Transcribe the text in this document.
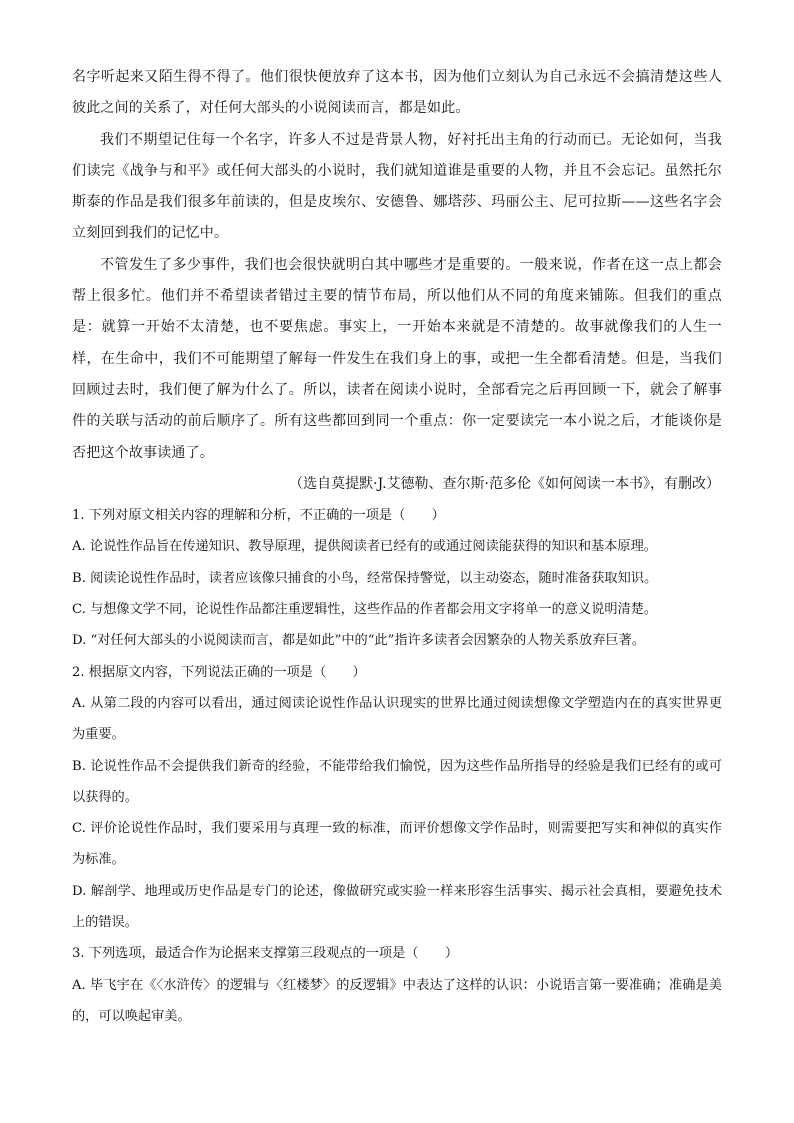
名字听起来又陌生得不得了。他们很快便放弃了这本书，因为他们立刻认为自己永远不会搞清楚这些人彼此之间的关系了，对任何大部头的小说阅读而言，都是如此。

我们不期望记住每一个名字，许多人不过是背景人物，好衬托出主角的行动而已。无论如何，当我们读完《战争与和平》或任何大部头的小说时，我们就知道谁是重要的人物，并且不会忘记。虽然托尔斯泰的作品是我们很多年前读的，但是皮埃尔、安德鲁、娜塔莎、玛丽公主、尼可拉斯——这些名字会立刻回到我们的记忆中。

不管发生了多少事件，我们也会很快就明白其中哪些才是重要的。一般来说，作者在这一点上都会帮上很多忙。他们并不希望读者错过主要的情节布局，所以他们从不同的角度来铺陈。但我们的重点是：就算一开始不太清楚，也不要焦虑。事实上，一开始本来就是不清楚的。故事就像我们的人生一样，在生命中，我们不可能期望了解每一件发生在我们身上的事，或把一生全都看清楚。但是，当我们回顾过去时，我们便了解为什么了。所以，读者在阅读小说时，全部看完之后再回顾一下，就会了解事件的关联与活动的前后顺序了。所有这些都回到同一个重点：你一定要读完一本小说之后，才能谈你是否把这个故事读通了。

（选自莫提默·J.艾德勒、查尔斯·范多伦《如何阅读一本书》，有删改）

1. 下列对原文相关内容的理解和分析，不正确的一项是（　　）

A. 论说性作品旨在传递知识、教导原理，提供阅读者已经有的或通过阅读能获得的知识和基本原理。

B. 阅读论说性作品时，读者应该像只捕食的小鸟，经常保持警觉，以主动姿态，随时准备获取知识。

C. 与想像文学不同，论说性作品都注重逻辑性，这些作品的作者都会用文字将单一的意义说明清楚。

D. “对任何大部头的小说阅读而言，都是如此”中的“此”指许多读者会因繁杂的人物关系放弃巨著。

2. 根据原文内容，下列说法正确的一项是（　　）

A. 从第二段的内容可以看出，通过阅读论说性作品认识现实的世界比通过阅读想像文学塑造内在的真实世界更为重要。

B. 论说性作品不会提供我们新奇的经验，不能带给我们愉悦，因为这些作品所指导的经验是我们已经有的或可以获得的。

C. 评价论说性作品时，我们要采用与真理一致的标准，而评价想像文学作品时，则需要把写实和神似的真实作为标准。

D. 解剖学、地理或历史作品是专门的论述，像做研究或实验一样来形容生活事实、揭示社会真相，要避免技术上的错误。

3. 下列选项，最适合作为论据来支撑第三段观点的一项是（　　）

A. 毕飞宇在《〈水浒传〉的逻辑与〈红楼梦〉的反逻辑》中表达了这样的认识：小说语言第一要准确；准确是美的，可以唤起审美。
